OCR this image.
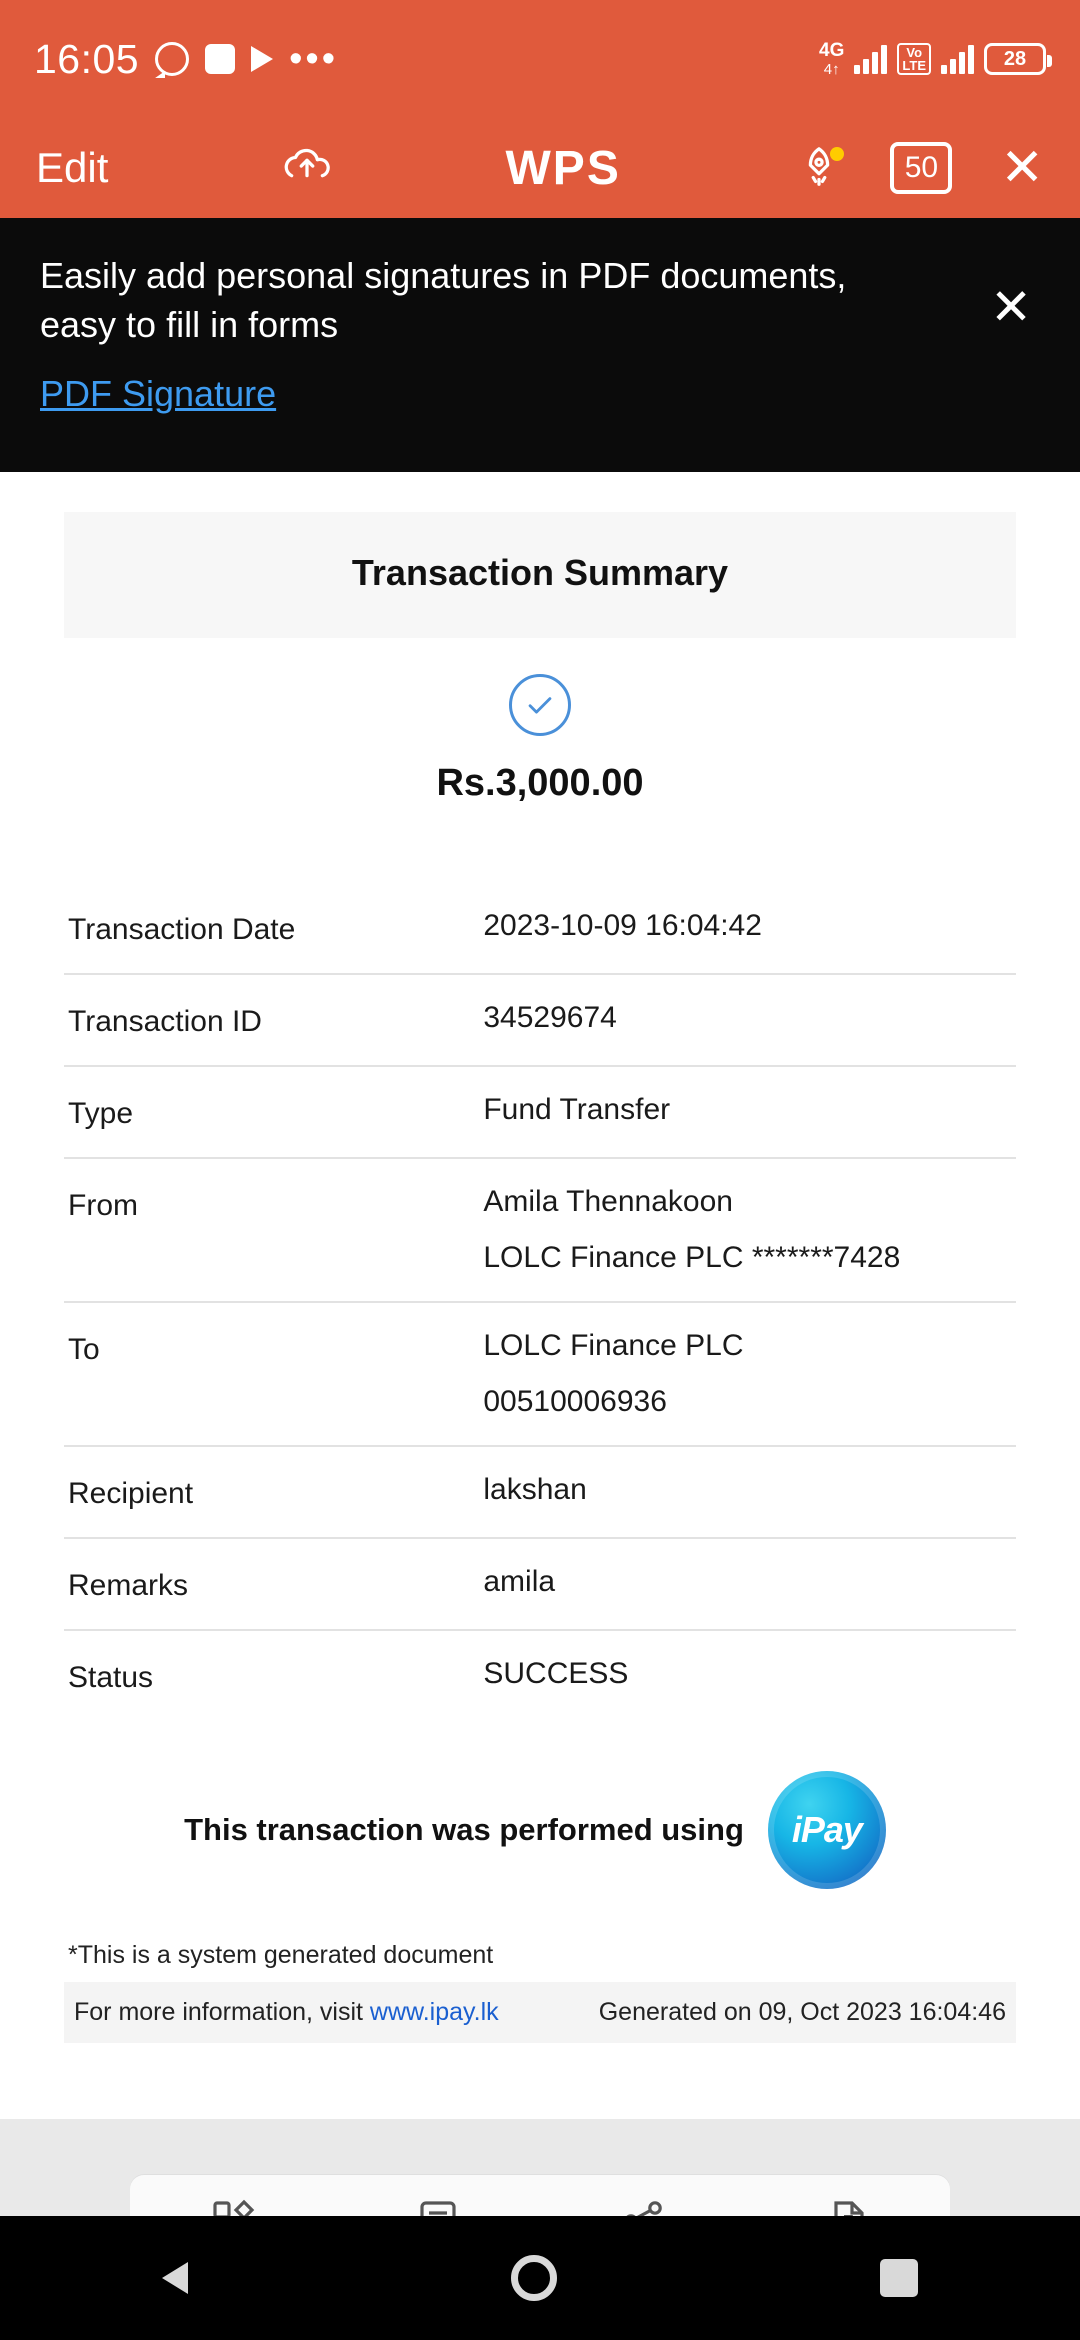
16:05	•••	4G
4↑
Vo
LTE	28
Edit	WPS	50 ✕
Easily add personal signatures in PDF documents, easy to fill in forms
PDF Signature
✕
Transaction Summary
Rs.3,000.00
Transaction Date	2023-10-09 16:04:42
Transaction ID	34529674
Type	Fund Transfer
From	Amila Thennakoon
LOLC Finance PLC *******7428
To	LOLC Finance PLC
00510006936
Recipient	lakshan
Remarks	amila
Status	SUCCESS
This transaction was performed using	iPay
*This is a system generated document
For more information, visit www.ipay.lk	Generated on 09, Oct 2023 16:04:46
